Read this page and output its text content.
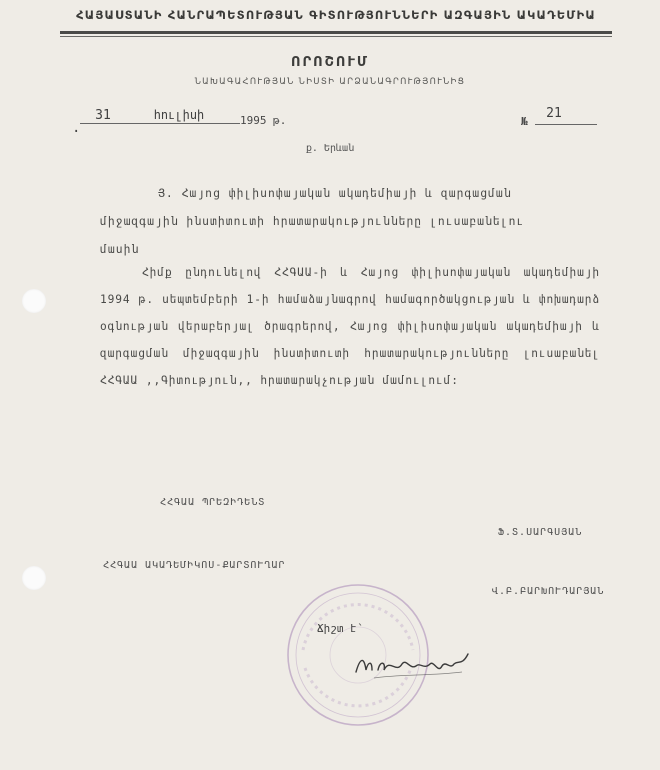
ՀԱՅԱՍՏԱՆԻ ՀԱՆՐԱՊԵՏՈՒԹՅԱՆ ԳԻՏՈՒԹՅՈՒՆՆԵՐԻ ԱԶԳԱՅԻՆ ԱԿԱԴԵՄԻԱ
ՈՐՈՇՈՒՄ
ՆԱԽԱԳԱՀՈՒԹՅԱՆ ՆԻՍՏԻ ԱՐՁԱՆԱԳՐՈՒԹՅՈՒՆԻՑ
.
31	հուլիսի	1995 թ.	№
21
ք. Երևան
Յ. Հայոց փիլիսոփայական ակադեմիայի և զարգացման միջազգային ինստիտուտի հրատարակությունները լուսաբանելու մասին
Հիմք ընդունելով ՀՀԳԱԱ-ի և Հայոց փիլիսոփայական ակադեմիայի 1994 թ. սեպտեմբերի 1-ի համաձայնագրով համագործակցության և փոխադարձ օգնության վերաբերյալ ծրագրերով, Հայոց փիլիսոփայական ակադեմիայի և զարգացման միջազգային ինստիտուտի հրատարակությունները լուսաբանել ՀՀԳԱԱ ,,Գիտություն,, հրատարակչության մամուլում:
ՀՀԳԱԱ ՊՐԵԶԻԴԵՆՏ
Ֆ.Տ.ՍԱՐԳՍՅԱՆ
ՀՀԳԱԱ ԱԿԱԴԵՄԻԿՈՍ-ՔԱՐՏՈՒՂԱՐ
Վ.Բ.ԲԱՐԽՈՒԴԱՐՅԱՆ
Ճիշտ է՝
